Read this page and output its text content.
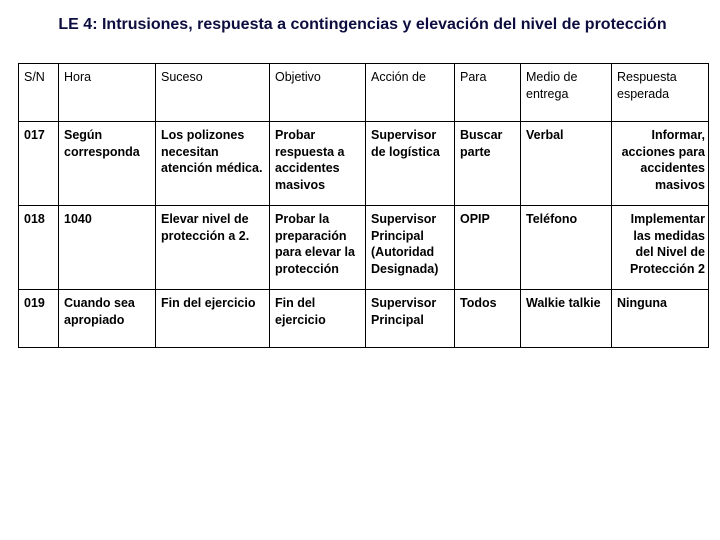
LE 4: Intrusiones, respuesta a contingencias y elevación del nivel de protección
S/N	Hora	Suceso	Objetivo	Acción de	Para	Medio de entrega	Respuesta esperada
017	Según corresponda	Los polizones necesitan atención médica.	Probar respuesta a accidentes masivos	Supervisor de logística	Buscar parte	Verbal	Informar, acciones para accidentes masivos
018	1040	Elevar nivel de protección a 2.	Probar la preparación para elevar la protección	Supervisor Principal (Autoridad Designada)	OPIP	Teléfono	Implementar las medidas del Nivel de Protección 2
019	Cuando sea apropiado	Fin del ejercicio	Fin del ejercicio	Supervisor Principal	Todos	Walkie talkie	Ninguna
